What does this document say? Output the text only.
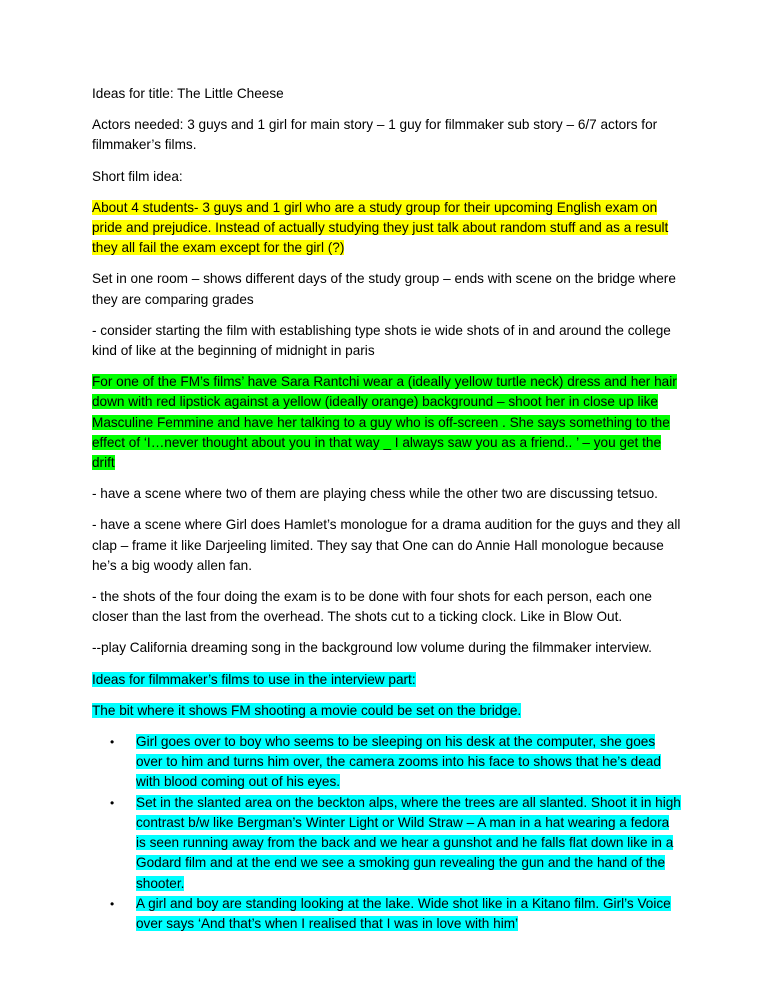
Ideas for title: The Little Cheese

Actors needed: 3 guys and 1 girl for main story – 1 guy for filmmaker sub story – 6/7 actors for filmmaker’s films.

Short film idea:

About 4 students- 3 guys and 1 girl who are a study group for their upcoming English exam on pride and prejudice. Instead of actually studying they just talk about random stuff and as a result they all fail the exam except for the girl (?)

Set in one room – shows different days of the study group – ends with scene on the bridge where they are comparing grades

- consider starting the film with establishing type shots ie wide shots of in and around the college kind of like at the beginning of midnight in paris

For one of the FM’s films’ have Sara Rantchi wear a (ideally yellow turtle neck) dress and her hair down with red lipstick against a yellow (ideally orange) background – shoot her in close up like Masculine Femmine and have her talking to a guy who is off-screen . She says something to the effect of ‘I…never thought about you in that way _ I always saw you as a friend.. ’ – you get the drift

- have a scene where two of them are playing chess while the other two are discussing tetsuo.

- have a scene where Girl does Hamlet’s monologue for a drama audition for the guys and they all clap – frame it like Darjeeling limited. They say that One can do Annie Hall monologue because he’s a big woody allen fan.

- the shots of the four doing the exam is to be done with four shots for each person, each one closer than the last from the overhead. The shots cut to a ticking clock. Like in Blow Out.

--play California dreaming song in the background low volume during the filmmaker interview.

Ideas for filmmaker’s films to use in the interview part:

The bit where it shows FM shooting a movie could be set on the bridge.

• Girl goes over to boy who seems to be sleeping on his desk at the computer, she goes over to him and turns him over, the camera zooms into his face to shows that he’s dead with blood coming out of his eyes.
• Set in the slanted area on the beckton alps, where the trees are all slanted. Shoot it in high contrast b/w like Bergman’s Winter Light or Wild Straw – A man in a hat wearing a fedora is seen running away from the back and we hear a gunshot and he falls flat down like in a Godard film and at the end we see a smoking gun revealing the gun and the hand of the shooter.
• A girl and boy are standing looking at the lake. Wide shot like in a Kitano film. Girl’s Voice over says ‘And that’s when I realised that I was in love with him’
